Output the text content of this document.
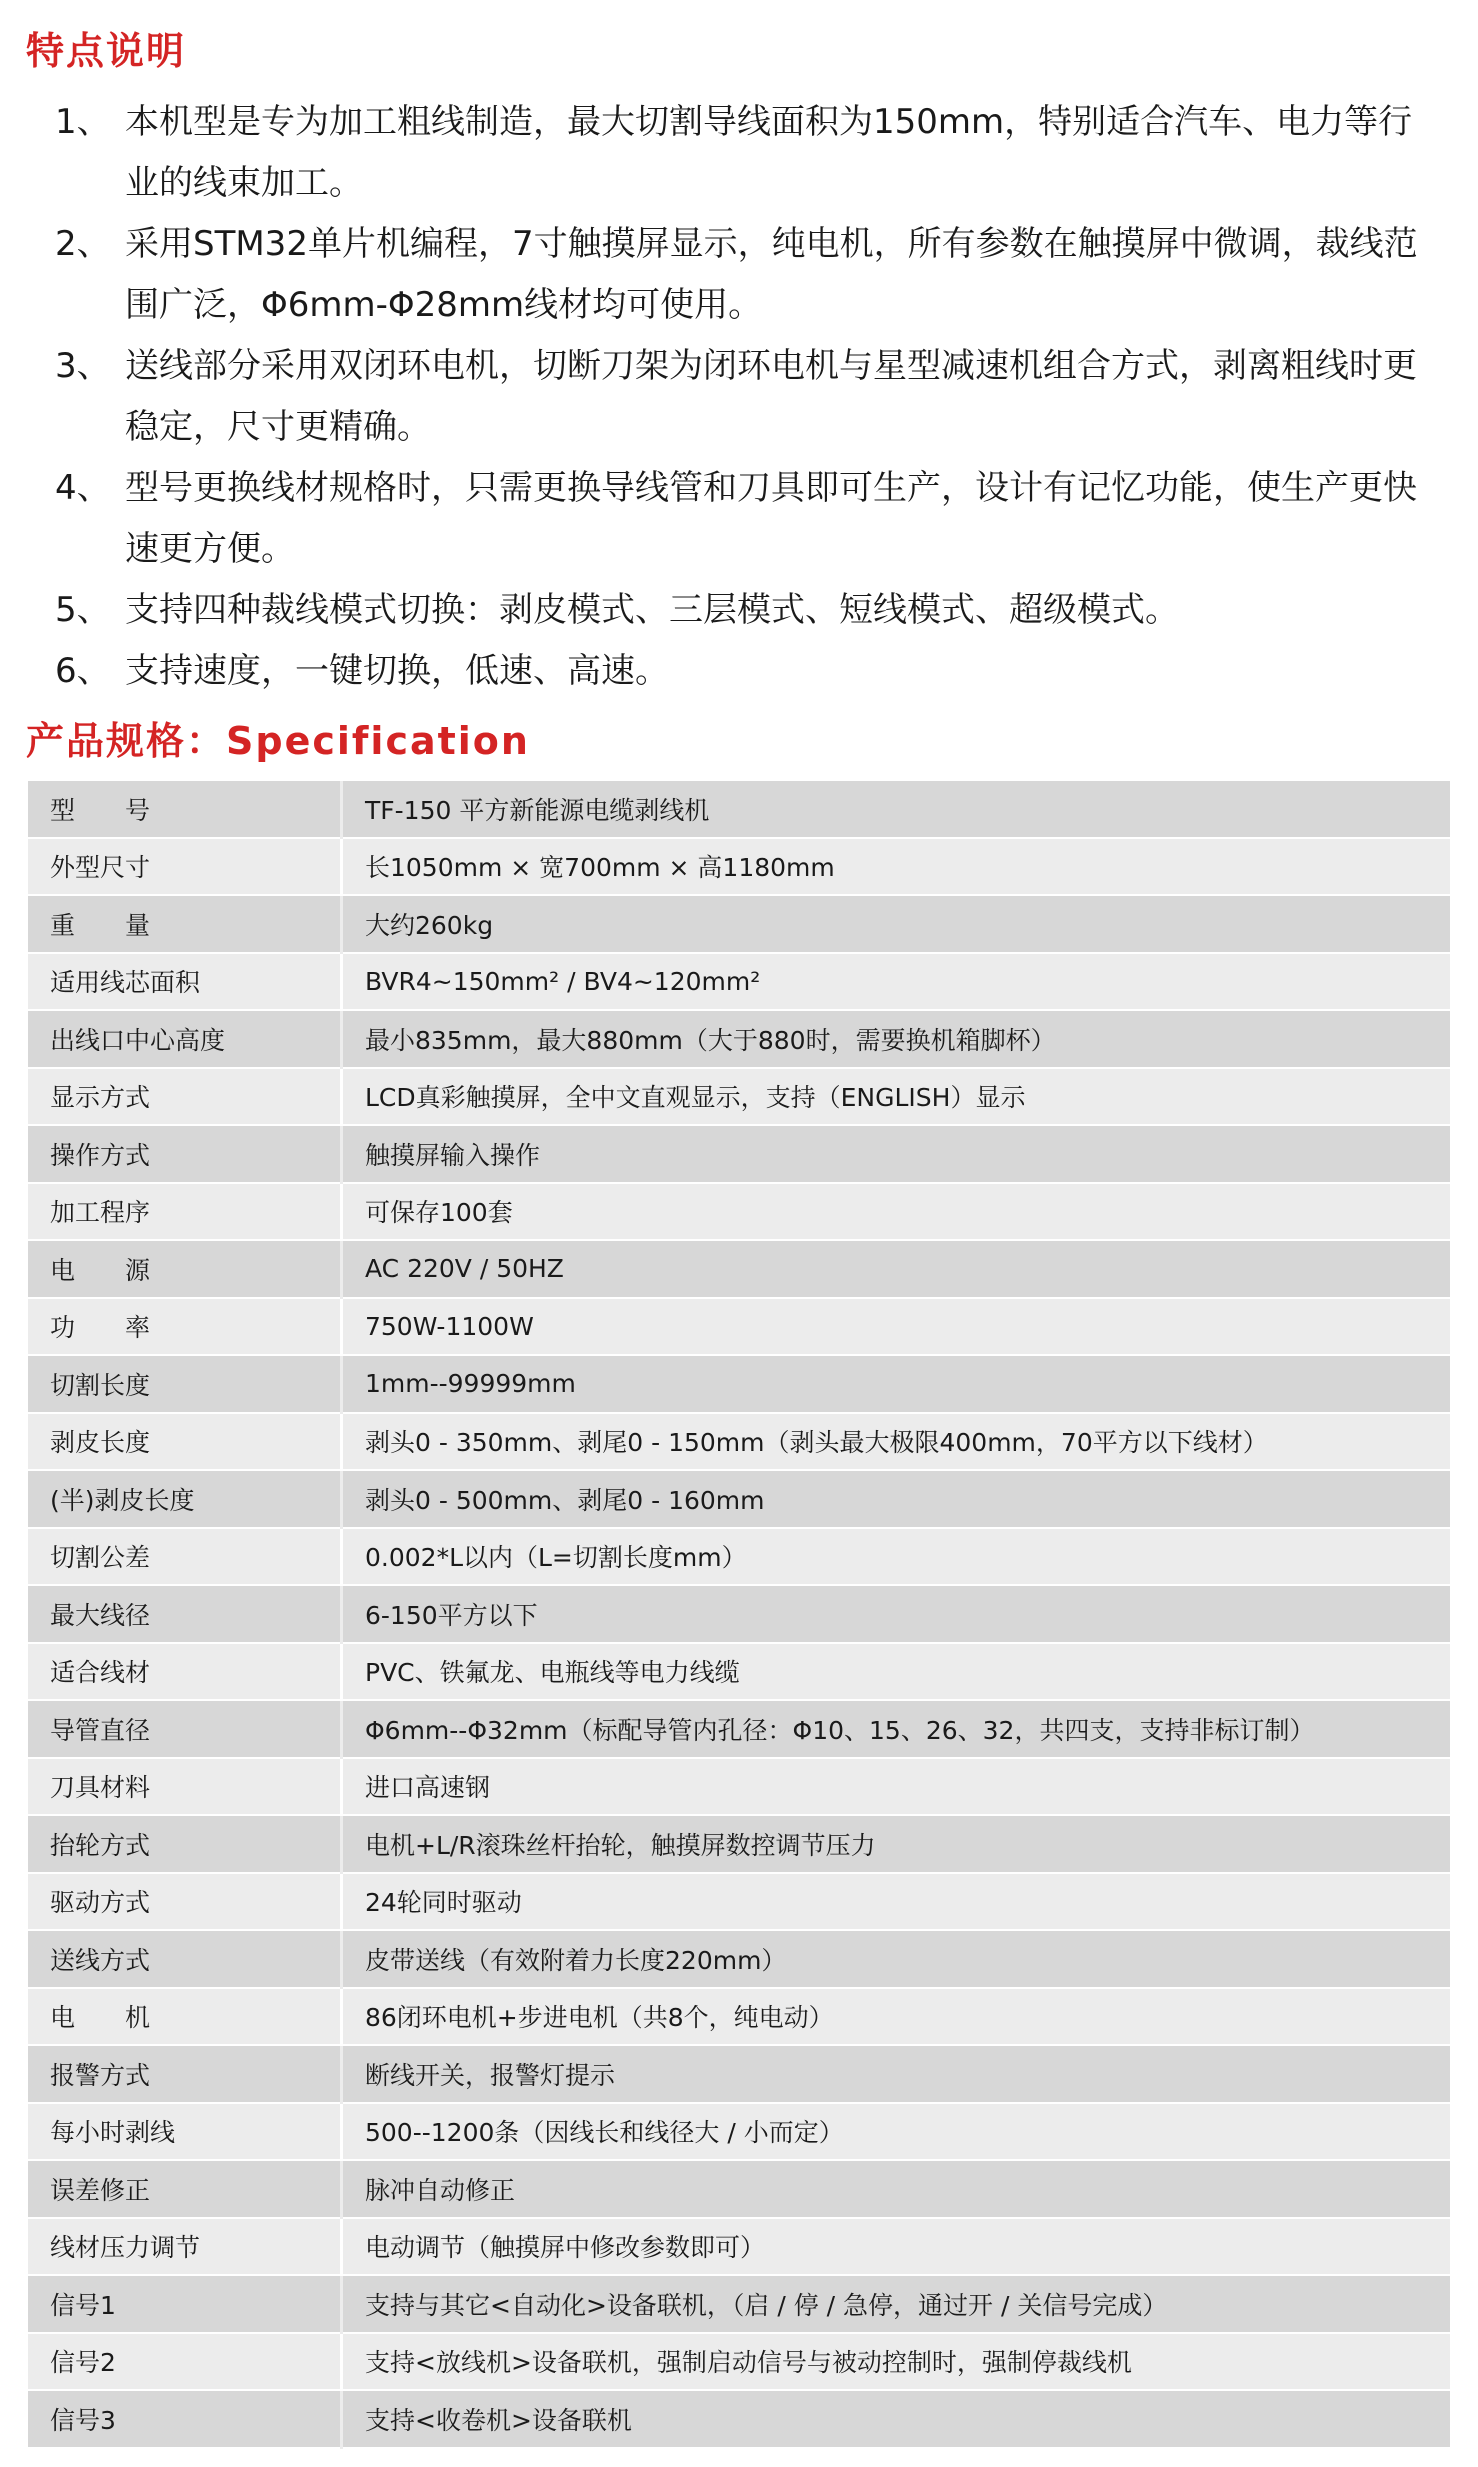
特点说明
1、 本机型是专为加工粗线制造，最大切割导线面积为150mm，特别适合汽车、电力等行业的线束加工。
2、 采用STM32单片机编程，7寸触摸屏显示，纯电机，所有参数在触摸屏中微调，裁线范围广泛，Φ6mm-Φ28mm线材均可使用。
3、 送线部分采用双闭环电机，切断刀架为闭环电机与星型减速机组合方式，剥离粗线时更稳定，尺寸更精确。
4、 型号更换线材规格时，只需更换导线管和刀具即可生产，设计有记忆功能，使生产更快速更方便。
5、 支持四种裁线模式切换：剥皮模式、三层模式、短线模式、超级模式。
6、 支持速度，一键切换，低速、高速。
产品规格：Specification
型　　号	TF-150 平方新能源电缆剥线机
外型尺寸	长1050mm × 宽700mm × 高1180mm
重　　量	大约260kg
适用线芯面积	BVR4~150mm² / BV4~120mm²
出线口中心高度	最小835mm，最大880mm（大于880时，需要换机箱脚杯）
显示方式	LCD真彩触摸屏，全中文直观显示，支持（ENGLISH）显示
操作方式	触摸屏输入操作
加工程序	可保存100套
电　　源	AC 220V / 50HZ
功　　率	750W-1100W
切割长度	1mm--99999mm
剥皮长度	剥头0 - 350mm、剥尾0 - 150mm（剥头最大极限400mm，70平方以下线材）
(半)剥皮长度	剥头0 - 500mm、剥尾0 - 160mm
切割公差	0.002*L以内（L=切割长度mm）
最大线径	6-150平方以下
适合线材	PVC、铁氟龙、电瓶线等电力线缆
导管直径	Φ6mm--Φ32mm（标配导管内孔径：Φ10、15、26、32，共四支，支持非标订制）
刀具材料	进口高速钢
抬轮方式	电机+L/R滚珠丝杆抬轮，触摸屏数控调节压力
驱动方式	24轮同时驱动
送线方式	皮带送线（有效附着力长度220mm）
电　　机	86闭环电机+步进电机（共8个，纯电动）
报警方式	断线开关，报警灯提示
每小时剥线	500--1200条（因线长和线径大 / 小而定）
误差修正	脉冲自动修正
线材压力调节	电动调节（触摸屏中修改参数即可）
信号1	支持与其它<自动化>设备联机，（启 / 停 / 急停，通过开 / 关信号完成）
信号2	支持<放线机>设备联机，强制启动信号与被动控制时，强制停裁线机
信号3	支持<收卷机>设备联机
